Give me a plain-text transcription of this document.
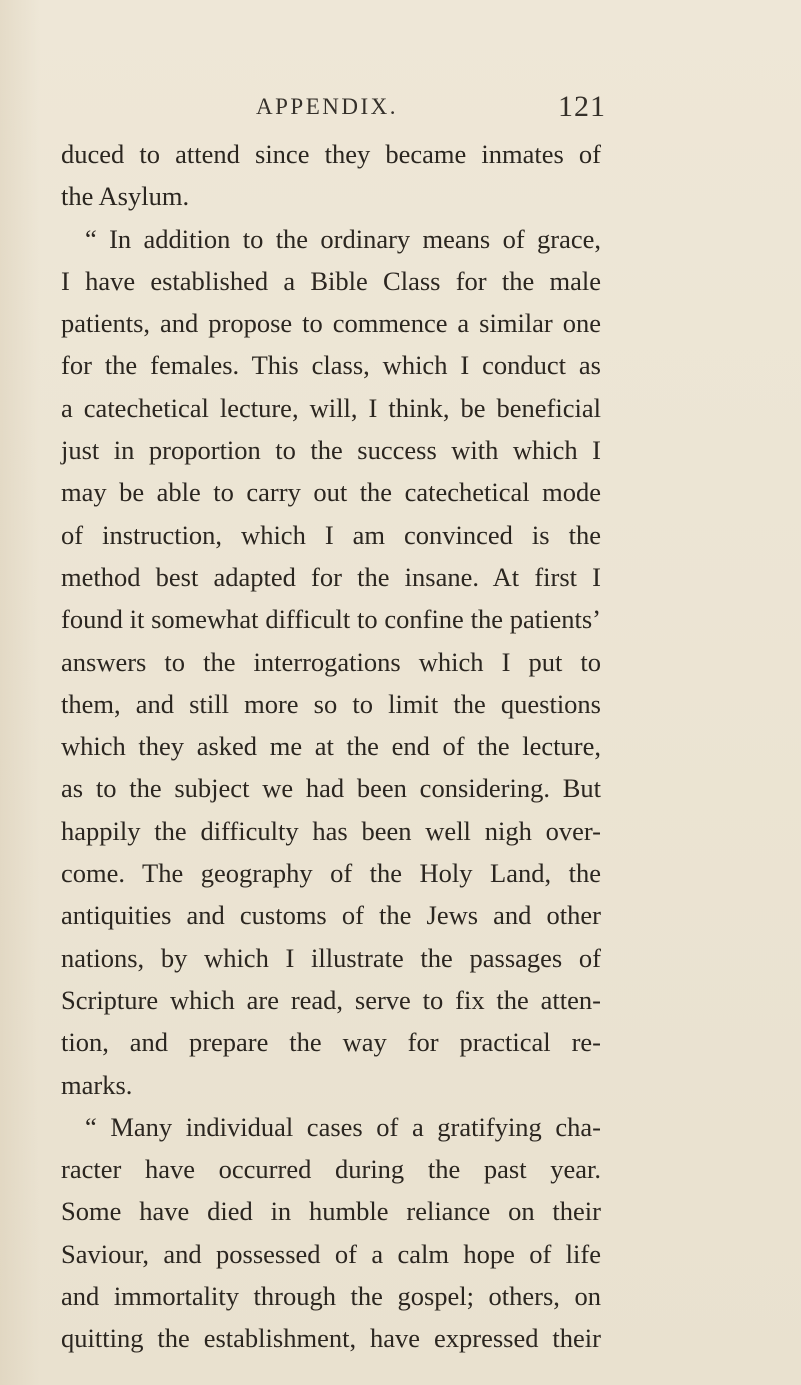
APPENDIX.	121
duced to attend since they became inmates of
the Asylum.
“ In addition to the ordinary means of grace,
I have established a Bible Class for the male
patients, and propose to commence a similar one
for the females. This class, which I conduct as
a catechetical lecture, will, I think, be beneficial
just in proportion to the success with which I
may be able to carry out the catechetical mode
of instruction, which I am convinced is the
method best adapted for the insane. At first I
found it somewhat difficult to confine the patients’
answers to the interrogations which I put to
them, and still more so to limit the questions
which they asked me at the end of the lecture,
as to the subject we had been considering. But
happily the difficulty has been well nigh over-
come. The geography of the Holy Land, the
antiquities and customs of the Jews and other
nations, by which I illustrate the passages of
Scripture which are read, serve to fix the atten-
tion, and prepare the way for practical re-
marks.
“ Many individual cases of a gratifying cha-
racter have occurred during the past year.
Some have died in humble reliance on their
Saviour, and possessed of a calm hope of life
and immortality through the gospel; others, on
quitting the establishment, have expressed their
